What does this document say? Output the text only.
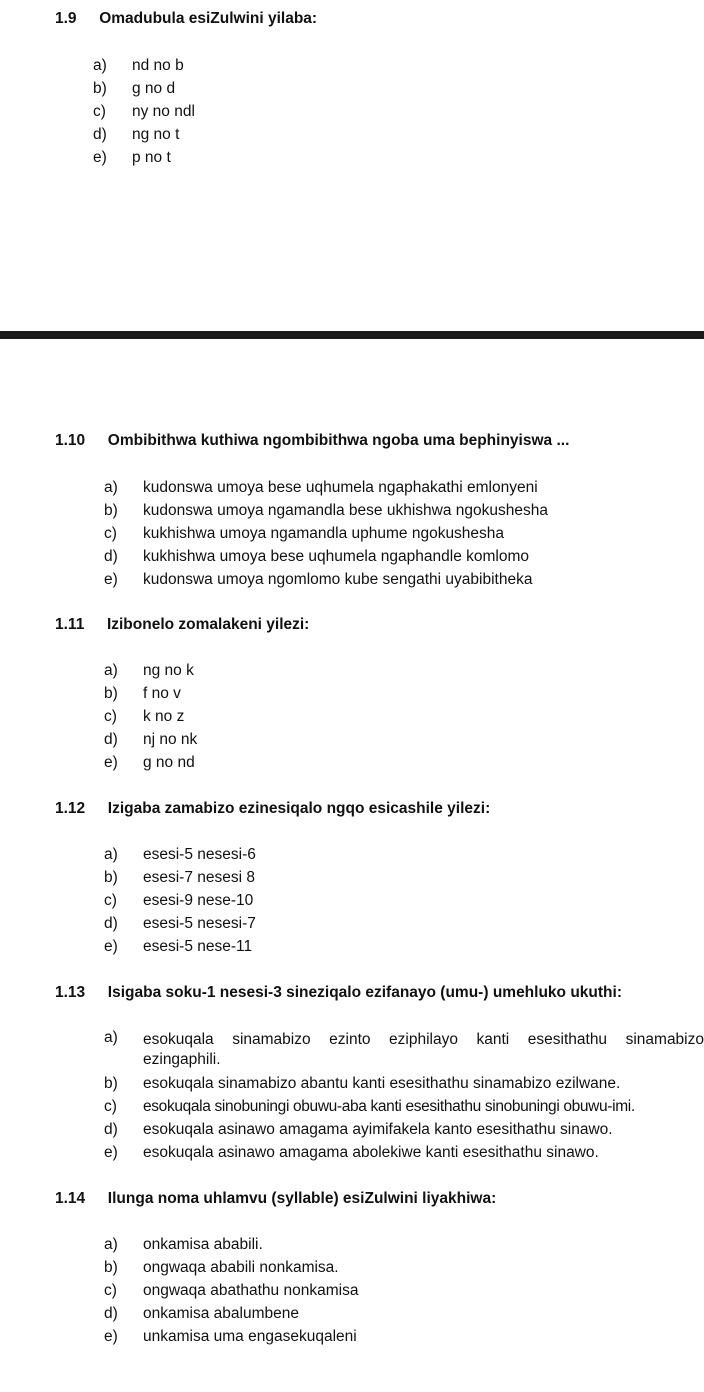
1.9 Omadubula esiZulwini yilaba:
a) nd no b
b) g no d
c) ny no ndl
d) ng no t
e) p no t
1.10 Ombibithwa kuthiwa ngombibithwa ngoba uma bephinyiswa ...
a) kudonswa umoya bese uqhumela ngaphakathi emlonyeni
b) kudonswa umoya ngamandla bese ukhishwa ngokushesha
c) kukhishwa umoya ngamandla uphume ngokushesha
d) kukhishwa umoya bese uqhumela ngaphandle komlomo
e) kudonswa umoya ngomlomo kube sengathi uyabibitheka
1.11 Izibonelo zomalakeni yilezi:
a) ng no k
b) f no v
c) k no z
d) nj no nk
e) g no nd
1.12 Izigaba zamabizo ezinesiqalo ngqo esicashile yilezi:
a) esesi-5 nesesi-6
b) esesi-7 nesesi 8
c) esesi-9 nese-10
d) esesi-5 nesesi-7
e) esesi-5 nese-11
1.13 Isigaba soku-1 nesesi-3 sineziqalo ezifanayo (umu-) umehluko ukuthi:
a) esokuqala sinamabizo ezinto eziphilayo kanti esesithathu sinamabizo
ezingaphili.
b) esokuqala sinamabizo abantu kanti esesithathu sinamabizo ezilwane.
c) esokuqala sinobuningi obuwu-aba kanti esesithathu sinobuningi obuwu-imi.
d) esokuqala asinawo amagama ayimifakela kanto esesithathu sinawo.
e) esokuqala asinawo amagama abolekiwe kanti esesithathu sinawo.
1.14 Ilunga noma uhlamvu (syllable) esiZulwini liyakhiwa:
a) onkamisa ababili.
b) ongwaqa ababili nonkamisa.
c) ongwaqa abathathu nonkamisa
d) onkamisa abalumbene
e) unkamisa uma engasekuqaleni
